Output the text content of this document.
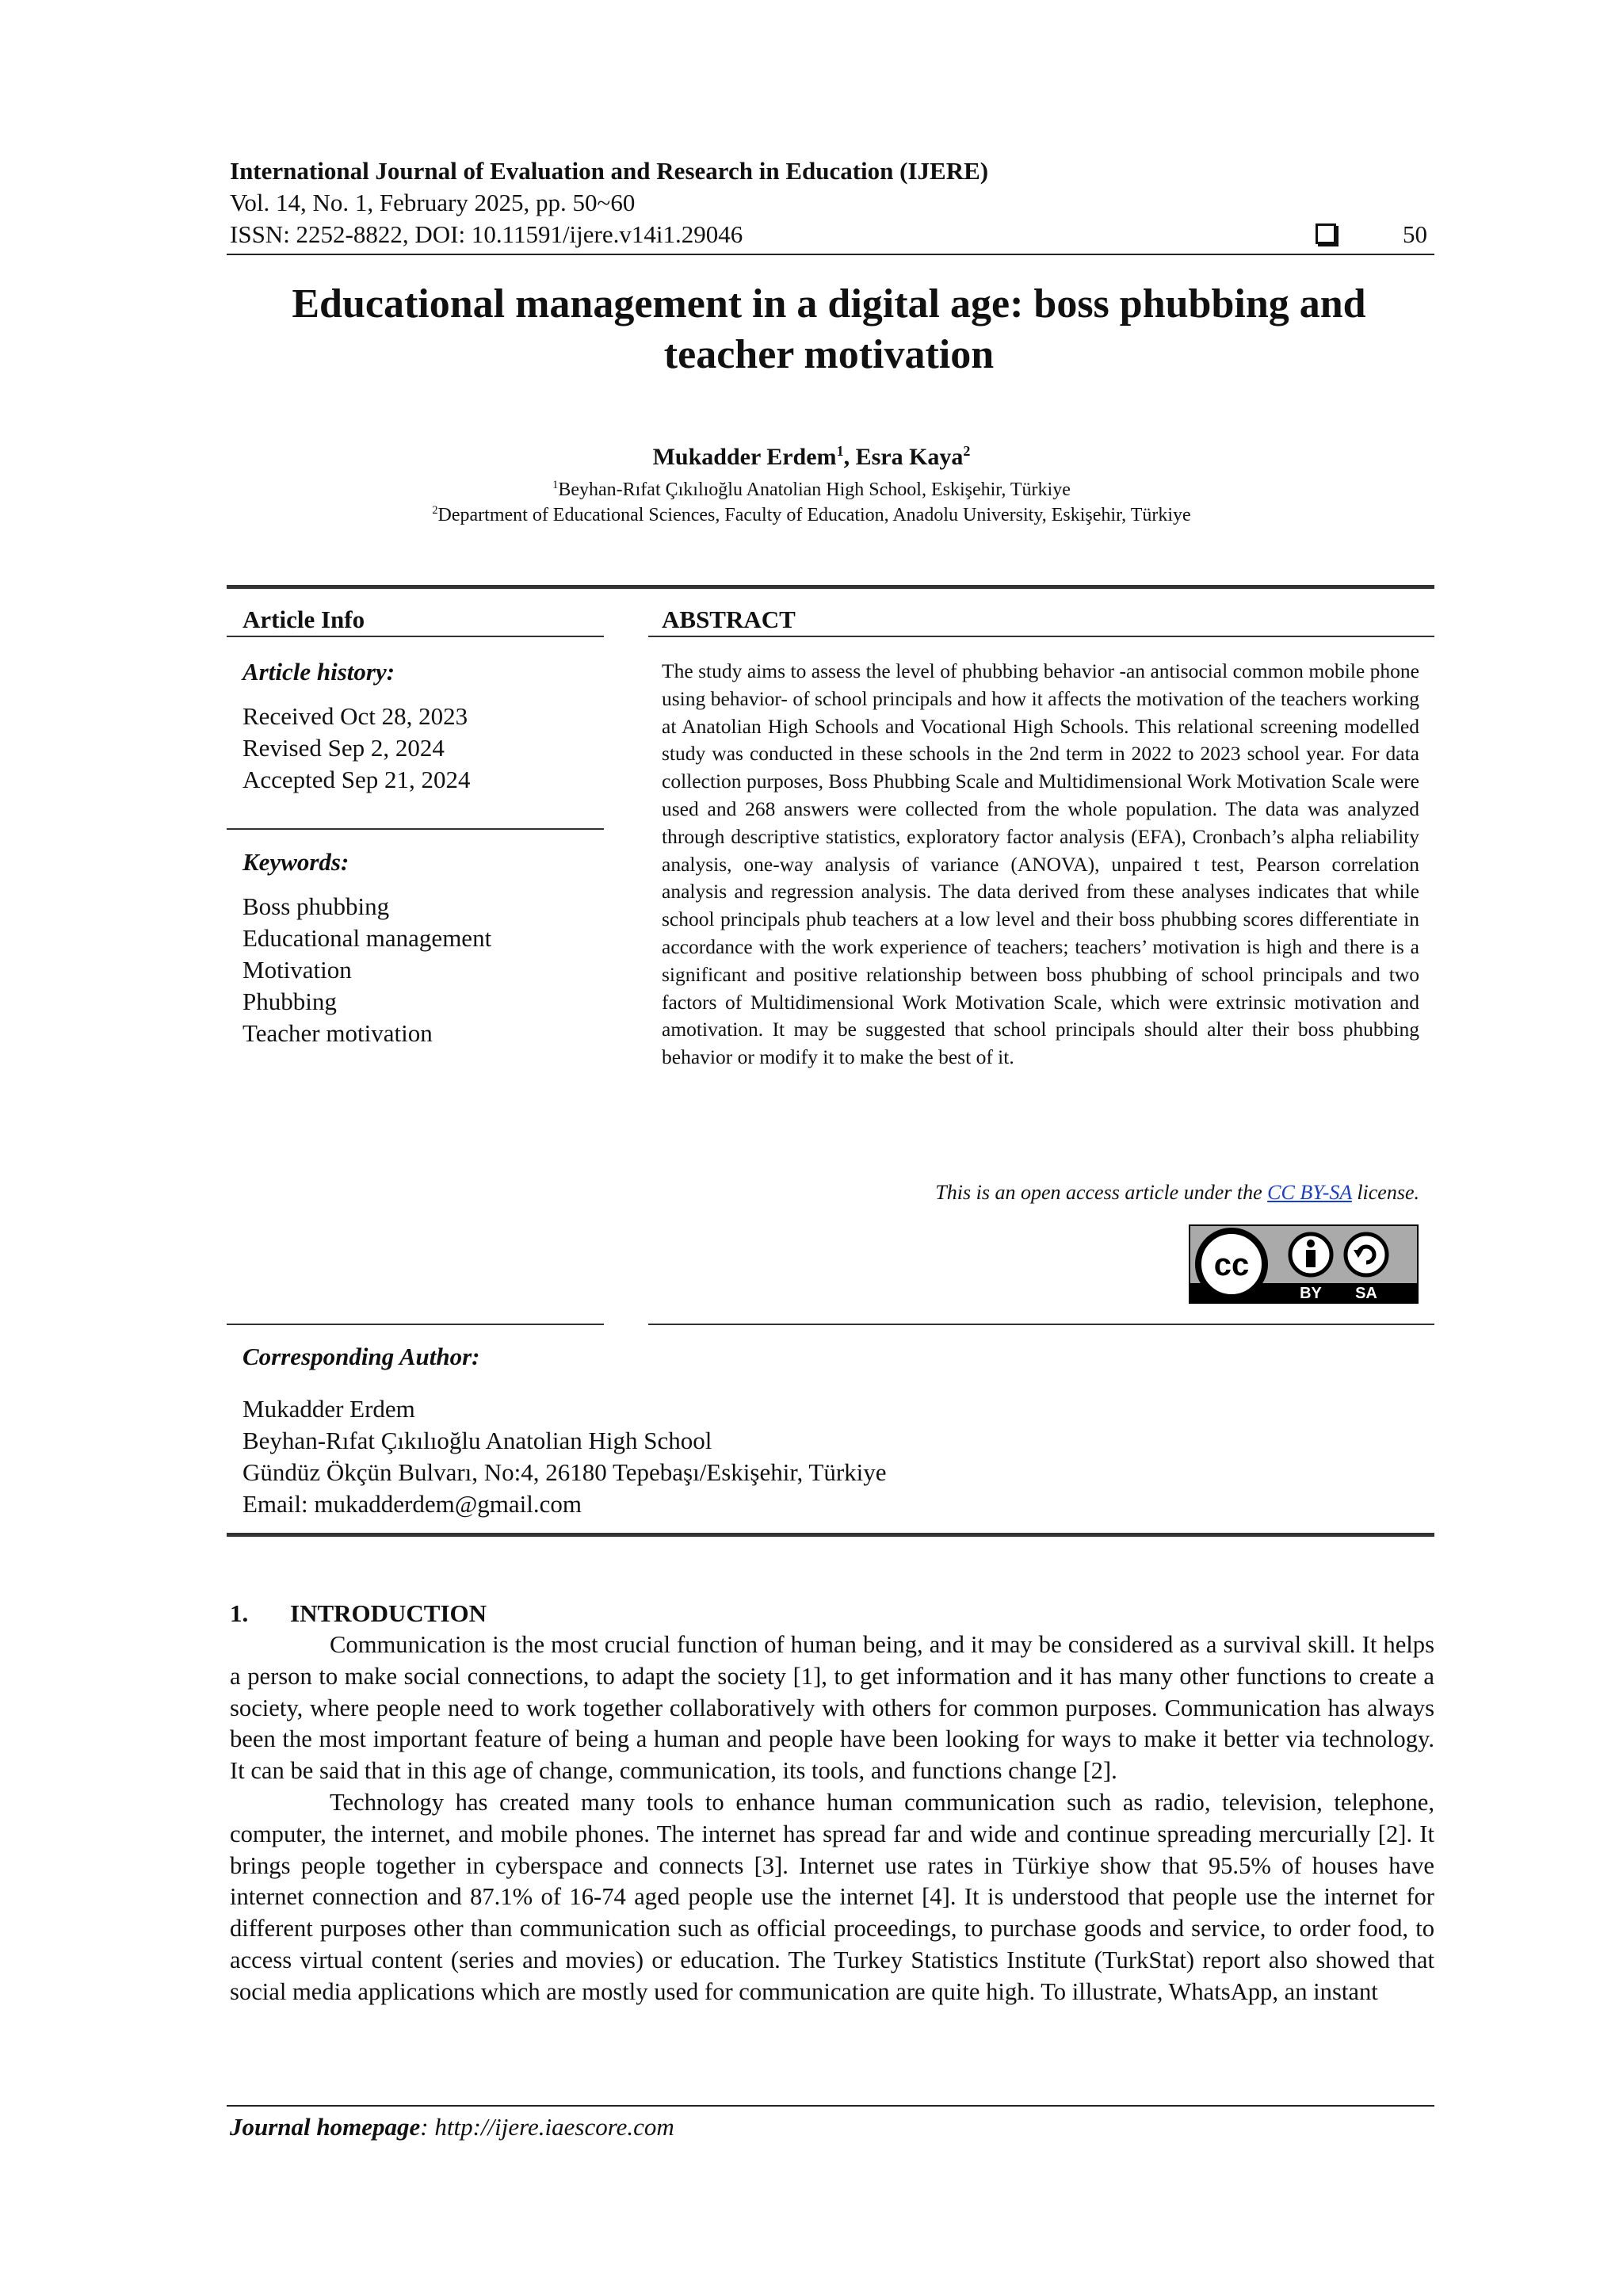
International Journal of Evaluation and Research in Education (IJERE)
Vol. 14, No. 1, February 2025, pp. 50~60
ISSN: 2252-8822, DOI: 10.11591/ijere.v14i1.29046	50
Educational management in a digital age: boss phubbing and
teacher motivation
Mukadder Erdem$^1$, Esra Kaya$^2$
$^1$Beyhan-Rıfat Çıkılıoğlu Anatolian High School, Eskişehir, Türkiye
$^2$Department of Educational Sciences, Faculty of Education, Anadolu University, Eskişehir, Türkiye
Article Info	ABSTRACT
Article history:
Received Oct 28, 2023
Revised Sep 2, 2024
Accepted Sep 21, 2024
Keywords:
Boss phubbing
Educational management
Motivation
Phubbing
Teacher motivation
The study aims to assess the level of phubbing behavior -an antisocial common mobile phone using behavior- of school principals and how it affects the motivation of the teachers working at Anatolian High Schools and Vocational High Schools. This relational screening modelled study was conducted in these schools in the 2nd term in 2022 to 2023 school year. For data collection purposes, Boss Phubbing Scale and Multidimensional Work Motivation Scale were used and 268 answers were collected from the whole population. The data was analyzed through descriptive statistics, exploratory factor analysis (EFA), Cronbach’s alpha reliability analysis, one-way analysis of variance (ANOVA), unpaired t test, Pearson correlation analysis and regression analysis. The data derived from these analyses indicates that while school principals phub teachers at a low level and their boss phubbing scores differentiate in accordance with the work experience of teachers; teachers’ motivation is high and there is a significant and positive relationship between boss phubbing of school principals and two factors of Multidimensional Work Motivation Scale, which were extrinsic motivation and amotivation. It may be suggested that school principals should alter their boss phubbing behavior or modify it to make the best of it.
This is an open access article under the CC BY-SA license.
cc
BY SA
Corresponding Author:
Mukadder Erdem
Beyhan-Rıfat Çıkılıoğlu Anatolian High School
Gündüz Ökçün Bulvarı, No:4, 26180 Tepebaşı/Eskişehir, Türkiye
Email: mukadderdem@gmail.com
1. INTRODUCTION

Communication is the most crucial function of human being, and it may be considered as a survival skill. It helps a person to make social connections, to adapt the society [1], to get information and it has many other functions to create a society, where people need to work together collaboratively with others for common purposes. Communication has always been the most important feature of being a human and people have been looking for ways to make it better via technology. It can be said that in this age of change, communication, its tools, and functions change [2].

Technology has created many tools to enhance human communication such as radio, television, telephone, computer, the internet, and mobile phones. The internet has spread far and wide and continue spreading mercurially [2]. It brings people together in cyberspace and connects [3]. Internet use rates in Türkiye show that 95.5% of houses have internet connection and 87.1% of 16-74 aged people use the internet [4]. It is understood that people use the internet for different purposes other than communication such as official proceedings, to purchase goods and service, to order food, to access virtual content (series and movies) or education. The Turkey Statistics Institute (TurkStat) report also showed that social media applications which are mostly used for communication are quite high. To illustrate, WhatsApp, an instant

Journal homepage: http://ijere.iaescore.com
